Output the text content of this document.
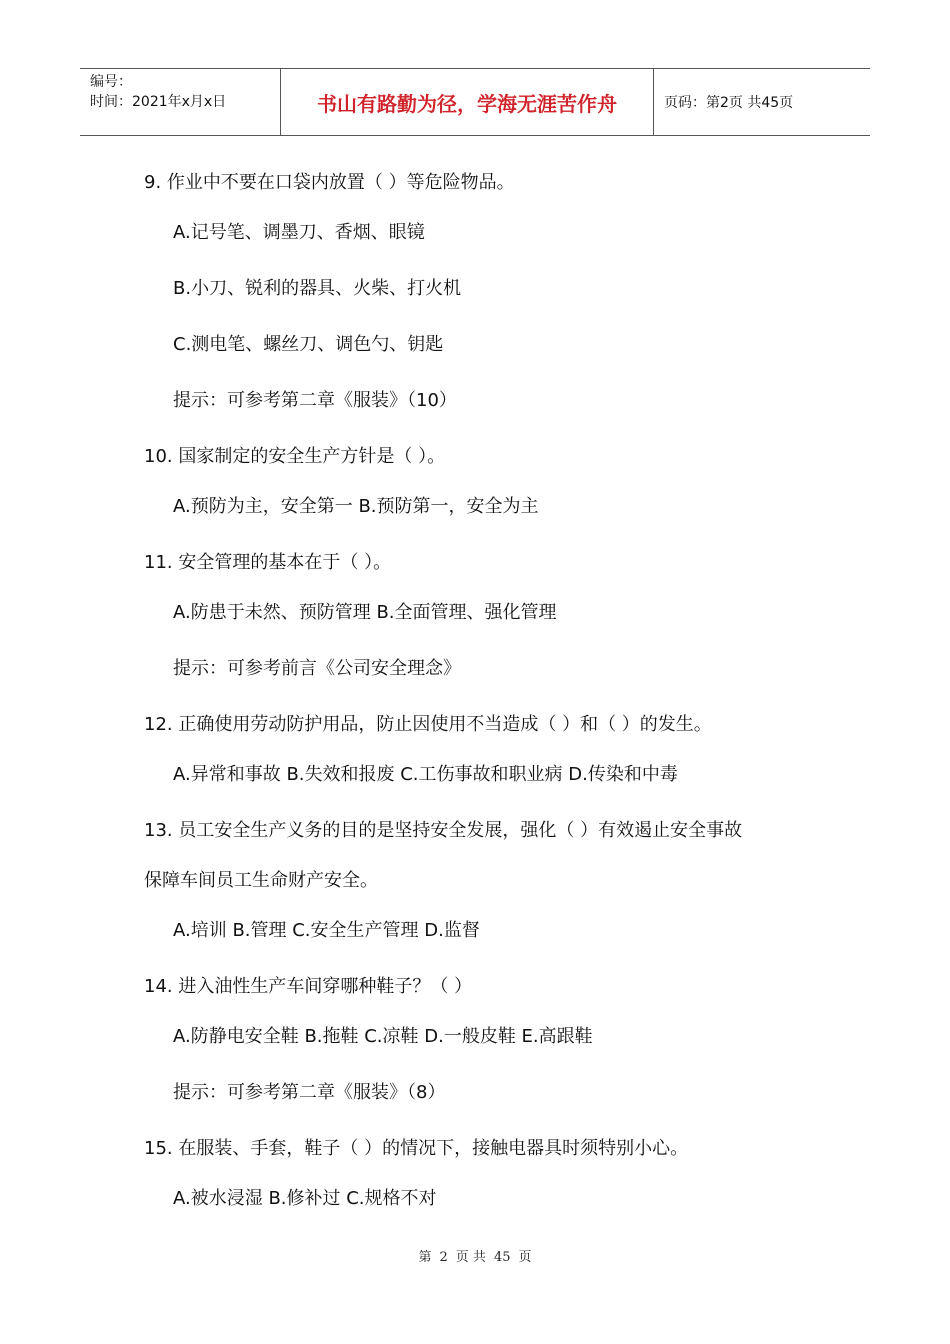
编号：
时间：2021年x月x日	书山有路勤为径，学海无涯苦作舟	页码：第2页 共45页
9. 作业中不要在口袋内放置（ ）等危险物品。
A.记号笔、调墨刀、香烟、眼镜
B.小刀、锐利的器具、火柴、打火机
C.测电笔、螺丝刀、调色勺、钥匙
提示：可参考第二章《服装》（10）
10. 国家制定的安全生产方针是（ ）。
A.预防为主，安全第一 B.预防第一，安全为主
11. 安全管理的基本在于（ ）。
A.防患于未然、预防管理 B.全面管理、强化管理
提示：可参考前言《公司安全理念》
12. 正确使用劳动防护用品，防止因使用不当造成（ ）和（ ）的发生。
A.异常和事故 B.失效和报废 C.工伤事故和职业病 D.传染和中毒
13. 员工安全生产义务的目的是坚持安全发展，强化（ ）有效遏止安全事故
保障车间员工生命财产安全。
A.培训 B.管理 C.安全生产管理 D.监督
14. 进入油性生产车间穿哪种鞋子？（ ）
A.防静电安全鞋 B.拖鞋 C.凉鞋 D.一般皮鞋 E.高跟鞋
提示：可参考第二章《服装》（8）
15. 在服装、手套，鞋子（ ）的情况下，接触电器具时须特别小心。
A.被水浸湿 B.修补过 C.规格不对
第 2 页 共 45 页
